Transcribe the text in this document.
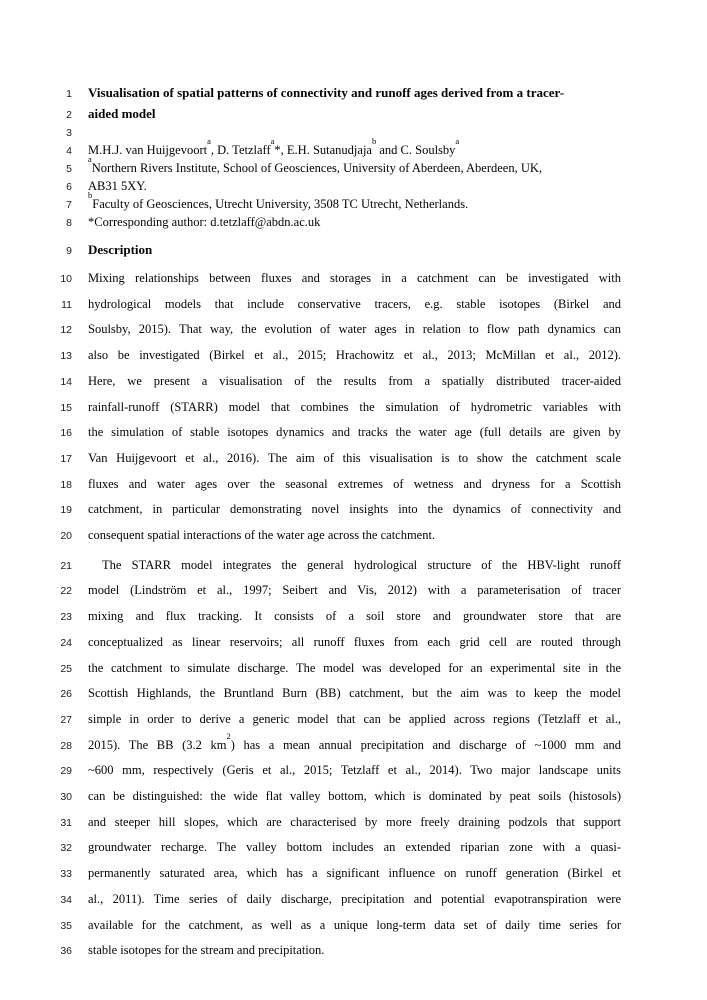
1 Visualisation of spatial patterns of connectivity and runoff ages derived from a tracer-
2 aided model
3
4 M.H.J. van Huijgevoort$^a$, D. Tetzlaff$^a$*, E.H. Sutanudjaja$^b$ and C. Soulsby$^a$
5
$^a$Northern Rivers Institute, School of Geosciences, University of Aberdeen, Aberdeen, UK,
6 AB31 5XY.
7
$^b$Faculty of Geosciences, Utrecht University, 3508 TC Utrecht, Netherlands.
8 *Corresponding author: d.tetzlaff@abdn.ac.uk
9 Description
10 Mixing relationships between fluxes and storages in a catchment can be investigated with
11 hydrological models that include conservative tracers, e.g. stable isotopes (Birkel and
12 Soulsby, 2015). That way, the evolution of water ages in relation to flow path dynamics can
13 also be investigated (Birkel et al., 2015; Hrachowitz et al., 2013; McMillan et al., 2012).
14 Here, we present a visualisation of the results from a spatially distributed tracer-aided
15 rainfall-runoff (STARR) model that combines the simulation of hydrometric variables with
16 the simulation of stable isotopes dynamics and tracks the water age (full details are given by
17 Van Huijgevoort et al., 2016). The aim of this visualisation is to show the catchment scale
18 fluxes and water ages over the seasonal extremes of wetness and dryness for a Scottish
19 catchment, in particular demonstrating novel insights into the dynamics of connectivity and
20 consequent spatial interactions of the water age across the catchment.
21	The STARR model integrates the general hydrological structure of the HBV-light runoff
22 model (Lindström et al., 1997; Seibert and Vis, 2012) with a parameterisation of tracer
23 mixing and flux tracking. It consists of a soil store and groundwater store that are
24 conceptualized as linear reservoirs; all runoff fluxes from each grid cell are routed through
25 the catchment to simulate discharge. The model was developed for an experimental site in the
26 Scottish Highlands, the Bruntland Burn (BB) catchment, but the aim was to keep the model
27 simple in order to derive a generic model that can be applied across regions (Tetzlaff et al.,
28 2015). The BB (3.2 $km^2$) has a mean annual precipitation and discharge of ~1000 mm and
29 ~600 mm, respectively (Geris et al., 2015; Tetzlaff et al., 2014). Two major landscape units
30 can be distinguished: the wide flat valley bottom, which is dominated by peat soils (histosols)
31 and steeper hill slopes, which are characterised by more freely draining podzols that support
32 groundwater recharge. The valley bottom includes an extended riparian zone with a quasi-
33 permanently saturated area, which has a significant influence on runoff generation (Birkel et
34 al., 2011). Time series of daily discharge, precipitation and potential evapotranspiration were
35 available for the catchment, as well as a unique long-term data set of daily time series for
36 stable isotopes for the stream and precipitation.
